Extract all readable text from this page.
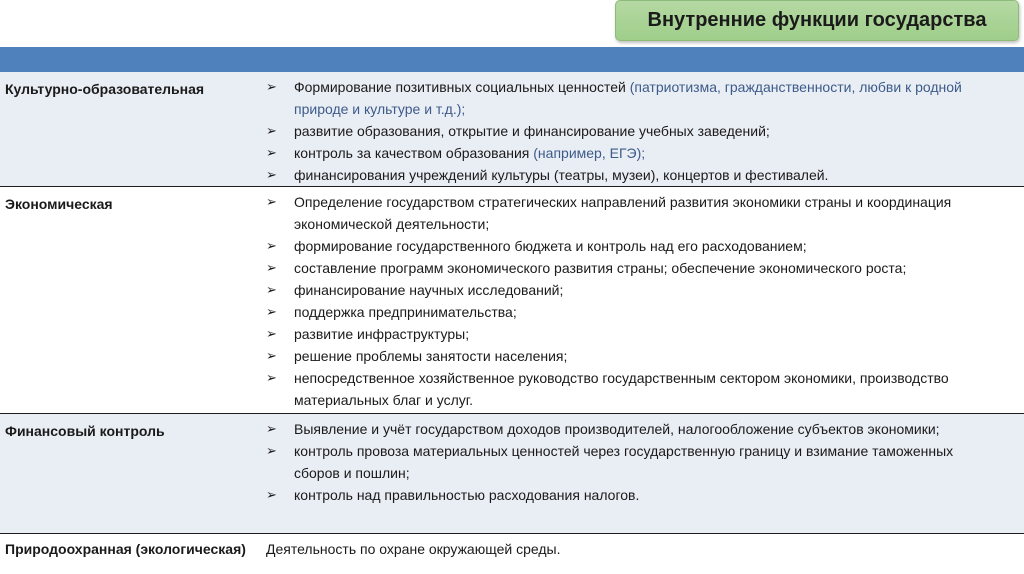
Внутренние функции государства
Культурно-образовательная	➢	Формирование позитивных социальных ценностей (патриотизма, гражданственности, любви к родной природе и культуре и т.д.);
➢	развитие образования, открытие и финансирование учебных заведений;
➢	контроль за качеством образования (например, ЕГЭ);
➢	финансирования учреждений культуры (театры, музеи), концертов и фестивалей.
Экономическая	➢	Определение государством стратегических направлений развития экономики страны и координация экономической деятельности;
➢	формирование государственного бюджета и контроль над его расходованием;
➢	составление программ экономического развития страны; обеспечение экономического роста;
➢	финансирование научных исследований;
➢	поддержка предпринимательства;
➢	развитие инфраструктуры;
➢	решение проблемы занятости населения;
➢	непосредственное хозяйственное руководство государственным сектором экономики, производство материальных благ и услуг.
Финансовый контроль	➢	Выявление и учёт государством доходов производителей, налогообложение субъектов экономики;
➢	контроль провоза материальных ценностей через государственную границу и взимание таможенных сборов и пошлин;
➢	контроль над правильностью расходования налогов.
Природоохранная (экологическая) Деятельность по охране окружающей среды.
